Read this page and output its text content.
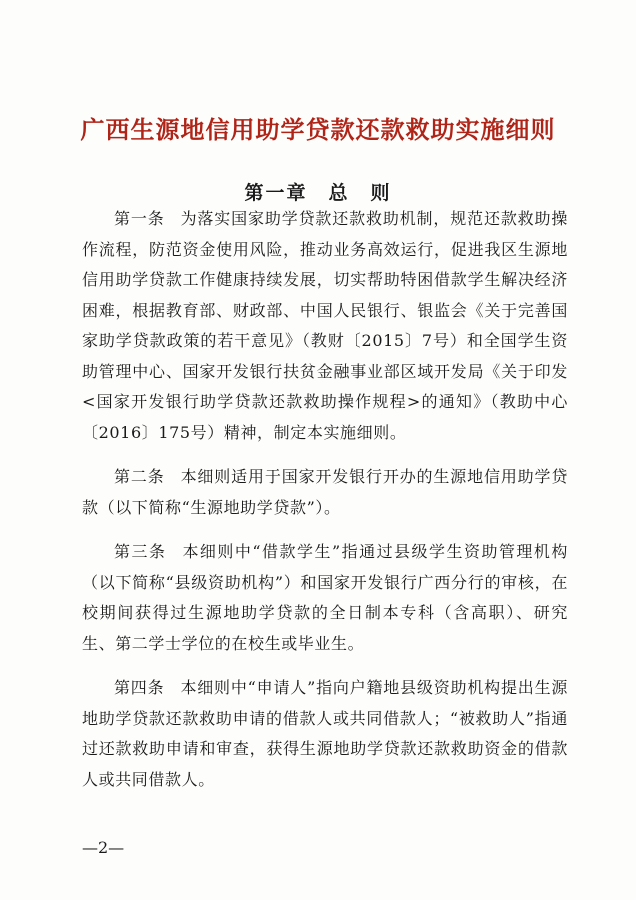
广西生源地信用助学贷款还款救助实施细则
第一章　总　则

第一条 为落实国家助学贷款还款救助机制，规范还款救助操作流程，防范资金使用风险，推动业务高效运行，促进我区生源地信用助学贷款工作健康持续发展，切实帮助特困借款学生解决经济困难，根据教育部、财政部、中国人民银行、银监会《关于完善国家助学贷款政策的若干意见》（教财〔2015〕7号）和全国学生资助管理中心、国家开发银行扶贫金融事业部区域开发局《关于印发<国家开发银行助学贷款还款救助操作规程>的通知》（教助中心〔2016〕175号）精神，制定本实施细则。

第二条 本细则适用于国家开发银行开办的生源地信用助学贷款（以下简称“生源地助学贷款”）。

第三条 本细则中“借款学生”指通过县级学生资助管理机构（以下简称“县级资助机构”）和国家开发银行广西分行的审核，在校期间获得过生源地助学贷款的全日制本专科（含高职）、研究生、第二学士学位的在校生或毕业生。

第四条 本细则中“申请人”指向户籍地县级资助机构提出生源地助学贷款还款救助申请的借款人或共同借款人；“被救助人”指通过还款救助申请和审查，获得生源地助学贷款还款救助资金的借款人或共同借款人。

—2—
